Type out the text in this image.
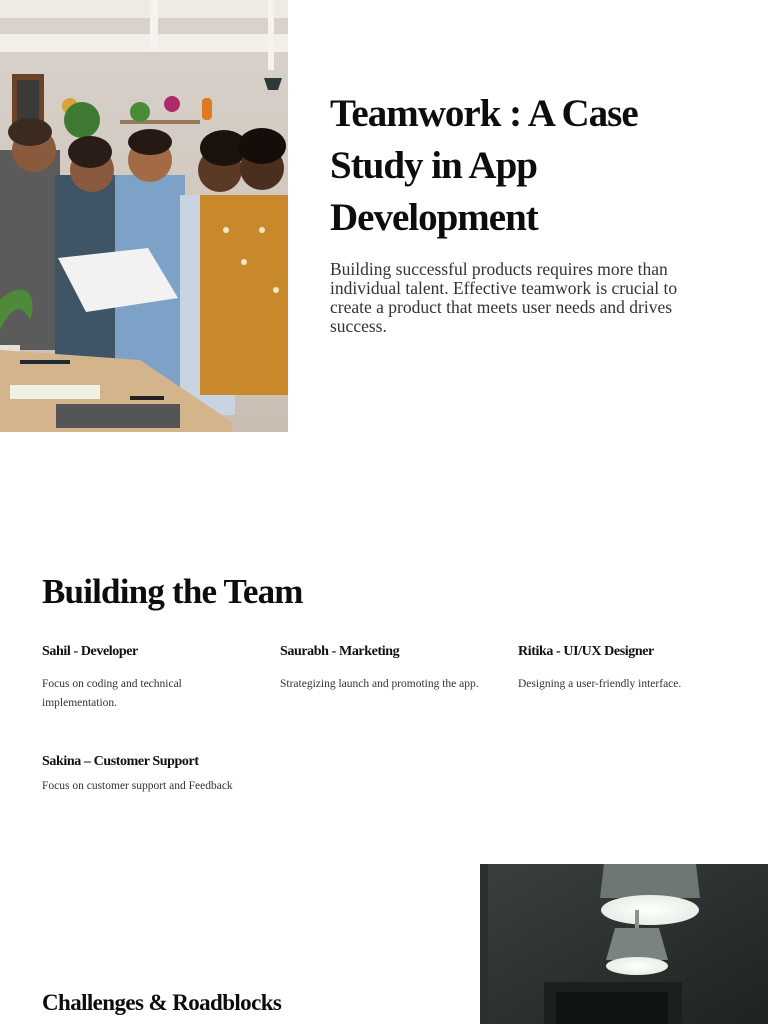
Teamwork : A Case Study in App Development

Building successful products requires more than individual talent. Effective teamwork is crucial to create a product that meets user needs and drives success.

Building the Team
Sahil - Developer

Focus on coding and technical implementation.

Saurabh - Marketing

Strategizing launch and promoting the app.

Ritika - UI/UX Designer

Designing a user-friendly interface.

Sakina – Customer Support

Focus on customer support and Feedback

Challenges & Roadblocks
